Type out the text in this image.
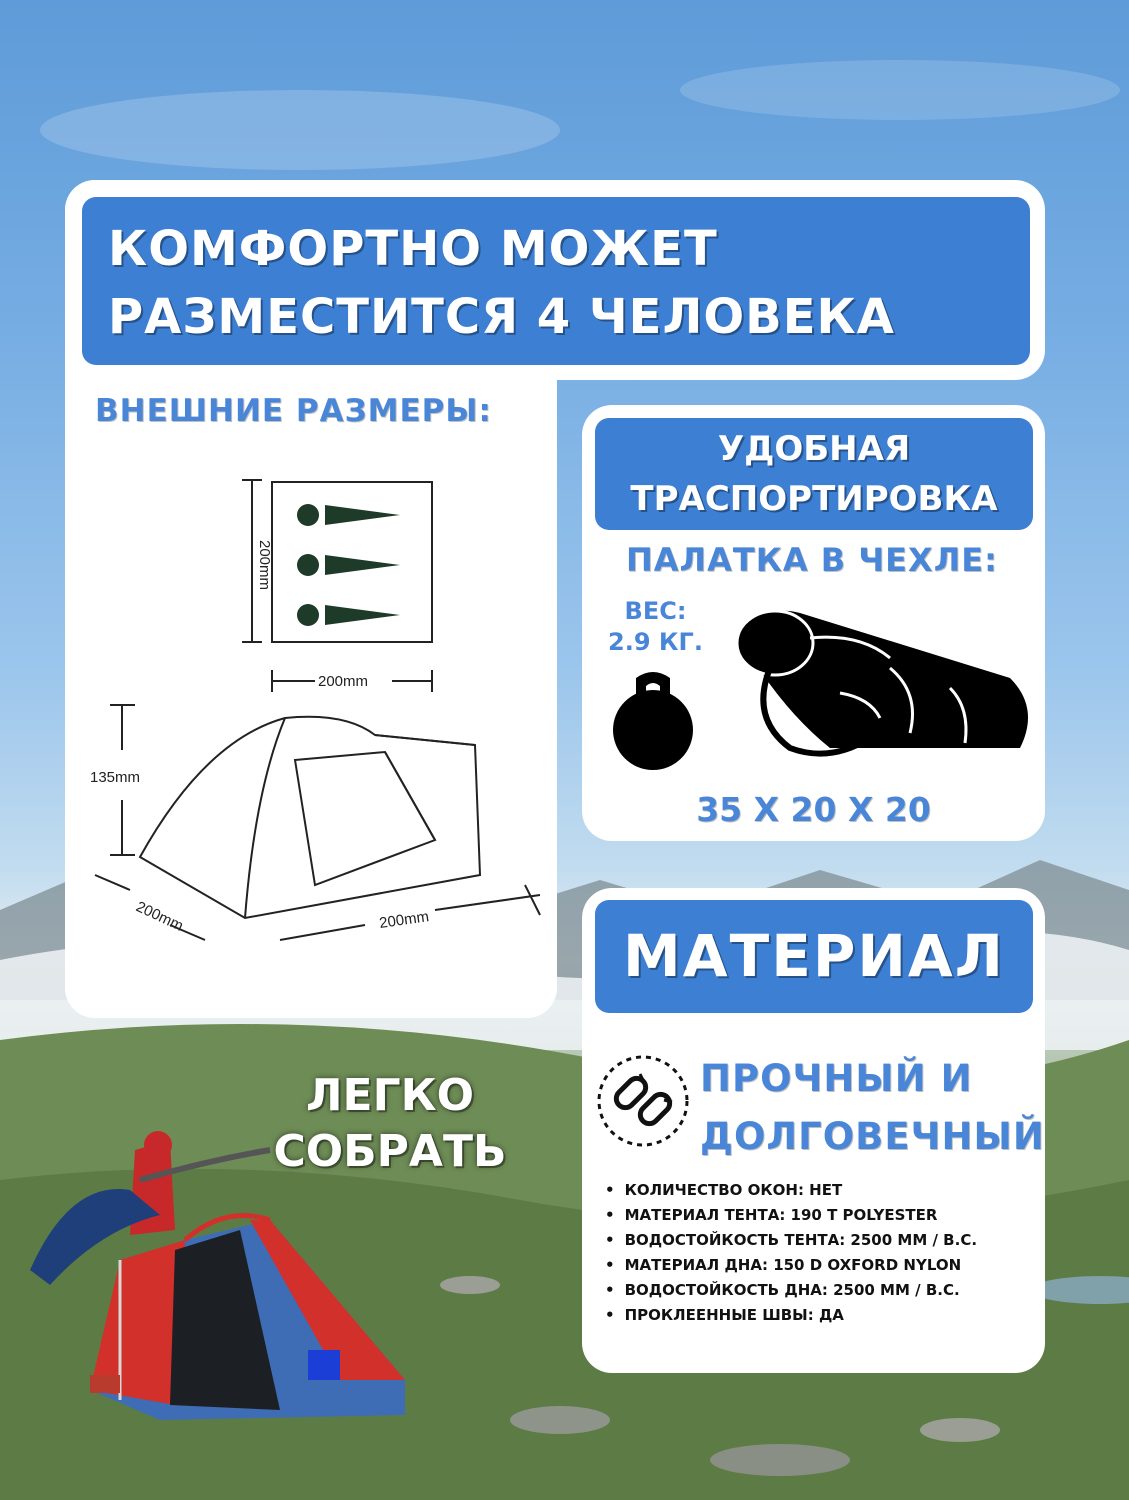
КОМФОРТНО МОЖЕТ
РАЗМЕСТИТСЯ 4 ЧЕЛОВЕКА
ВНЕШНИЕ РАЗМЕРЫ:
200mm
200mm
135mm
200mm	200mm
УДОБНАЯ
ТРАСПОРТИРОВКА
ПАЛАТКА В ЧЕХЛЕ:
ВЕС:
2.9 КГ.
35 Х 20 Х 20
МАТЕРИАЛ
ПРОЧНЫЙ И
ДОЛГОВЕЧНЫЙ
• КОЛИЧЕСТВО ОКОН: НЕТ
• МАТЕРИАЛ ТЕНТА: 190 T POLYESTER
• ВОДОСТОЙКОСТЬ ТЕНТА: 2500 ММ / В.С.
• МАТЕРИАЛ ДНА: 150 D OXFORD NYLON
• ВОДОСТОЙКОСТЬ ДНА: 2500 ММ / В.С.
• ПРОКЛЕЕННЫЕ ШВЫ: ДА
ЛЕГКО
СОБРАТЬ
